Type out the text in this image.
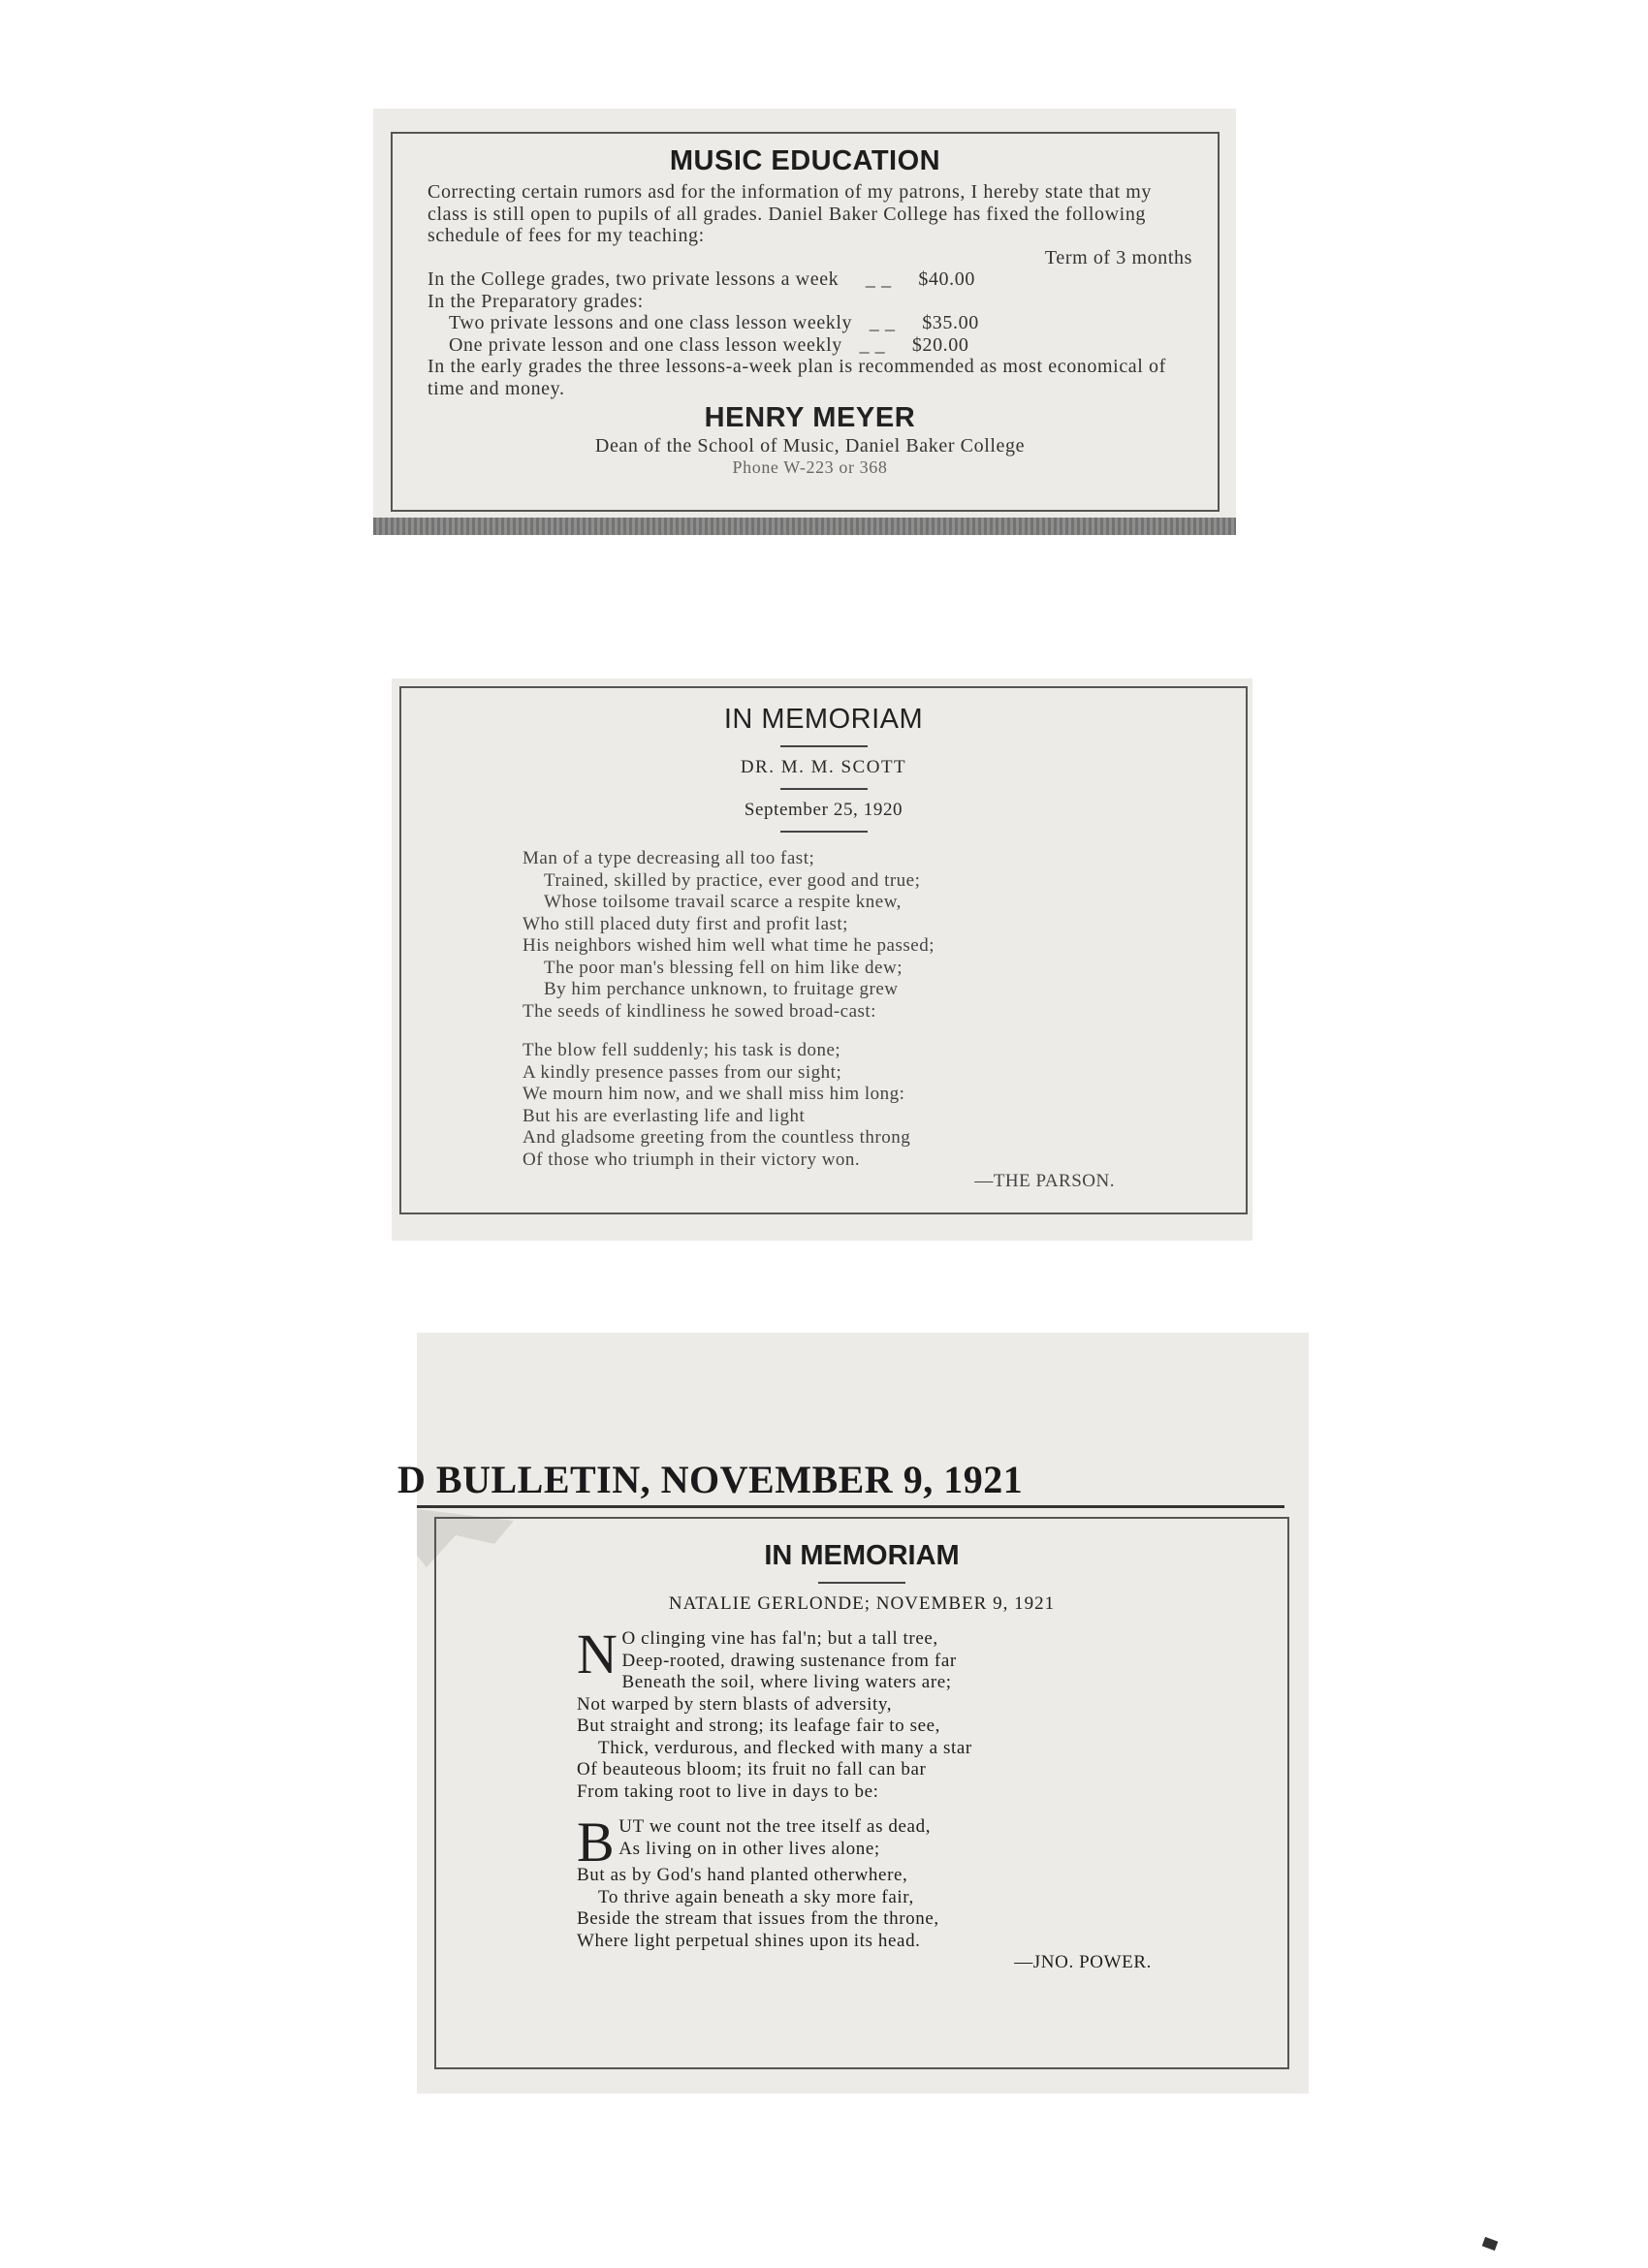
MUSIC EDUCATION
Correcting certain rumors asd for the information of my patrons, I hereby state that my class is still open to pupils of all grades. Daniel Baker College has fixed the following schedule of fees for my teaching:
Term of 3 months
In the College grades, two private lessons a week _ _ $40.00
In the Preparatory grades:
Two private lessons and one class lesson weekly _ _ $35.00
One private lesson and one class lesson weekly _ _ $20.00
In the early grades the three lessons-a-week plan is recommended as most economical of time and money.
HENRY MEYER
Dean of the School of Music, Daniel Baker College
Phone W-223 or 368
IN MEMORIAM
DR. M. M. SCOTT
September 25, 1920
Man of a type decreasing all too fast;
Trained, skilled by practice, ever good and true;
Whose toilsome travail scarce a respite knew,
Who still placed duty first and profit last;
His neighbors wished him well what time he passed;
The poor man's blessing fell on him like dew;
By him perchance unknown, to fruitage grew
The seeds of kindliness he sowed broad-cast:
The blow fell suddenly; his task is done;
A kindly presence passes from our sight;
We mourn him now, and we shall miss him long:
But his are everlasting life and light
And gladsome greeting from the countless throng
Of those who triumph in their victory won.
—THE PARSON.
D BULLETIN, NOVEMBER 9, 1921
IN MEMORIAM
NATALIE GERLONDE; NOVEMBER 9, 1921
N O clinging vine has fal'n; but a tall tree,
Deep-rooted, drawing sustenance from far
Beneath the soil, where living waters are;
Not warped by stern blasts of adversity,
But straight and strong; its leafage fair to see,
Thick, verdurous, and flecked with many a star
Of beauteous bloom; its fruit no fall can bar
From taking root to live in days to be:
B UT we count not the tree itself as dead,
As living on in other lives alone;
But as by God's hand planted otherwhere,
To thrive again beneath a sky more fair,
Beside the stream that issues from the throne,
Where light perpetual shines upon its head.
—JNO. POWER.
